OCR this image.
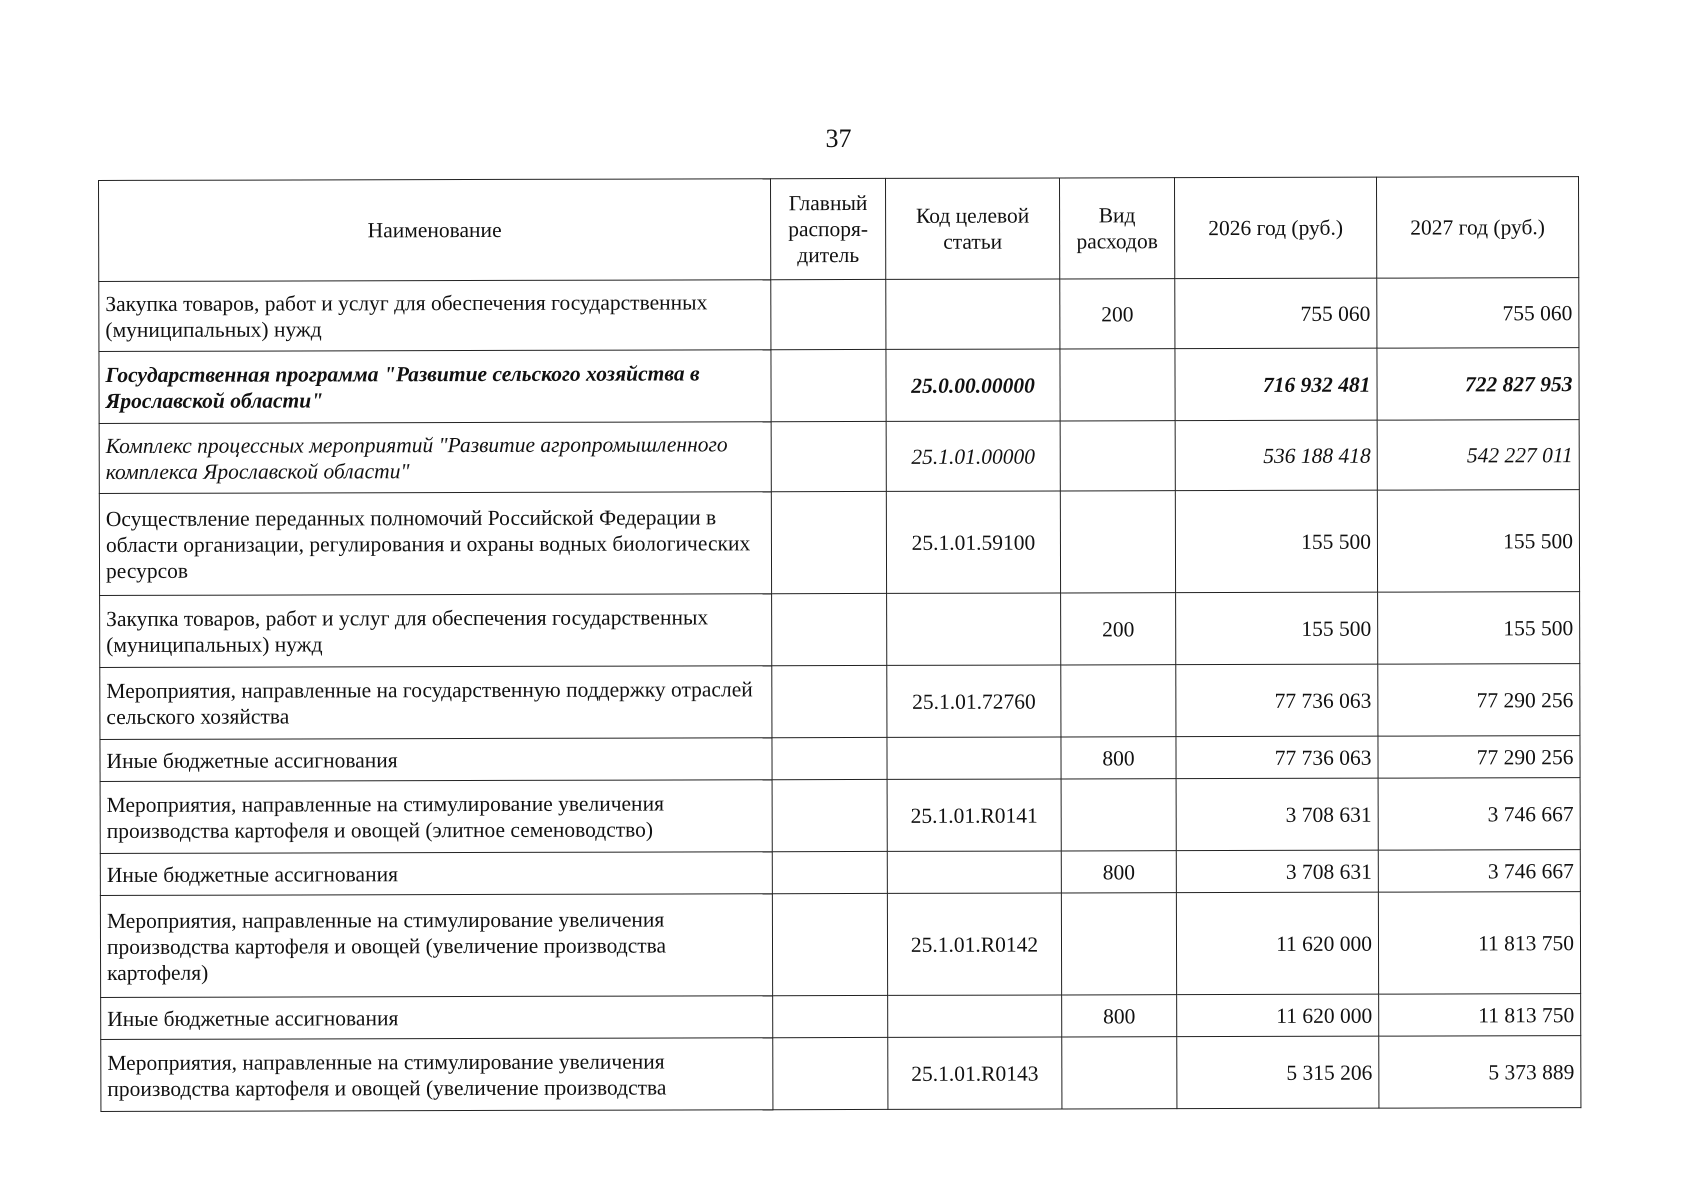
37
Наименование	Главный распоря-дитель	Код целевой статьи	Вид расходов	2026 год (руб.)	2027 год (руб.)
Закупка товаров, работ и услуг для обеспечения государственных (муниципальных) нужд			200	755 060	755 060
Государственная программа "Развитие сельского хозяйства в Ярославской области"		25.0.00.00000		716 932 481	722 827 953
Комплекс процессных мероприятий "Развитие агропромышленного комплекса Ярославской области"		25.1.01.00000		536 188 418	542 227 011
Осуществление переданных полномочий Российской Федерации в области организации, регулирования и охраны водных биологических ресурсов		25.1.01.59100		155 500	155 500
Закупка товаров, работ и услуг для обеспечения государственных (муниципальных) нужд			200	155 500	155 500
Мероприятия, направленные на государственную поддержку отраслей сельского хозяйства		25.1.01.72760		77 736 063	77 290 256
Иные бюджетные ассигнования			800	77 736 063	77 290 256
Мероприятия, направленные на стимулирование увеличения производства картофеля и овощей (элитное семеноводство)		25.1.01.R0141		3 708 631	3 746 667
Иные бюджетные ассигнования			800	3 708 631	3 746 667
Мероприятия, направленные на стимулирование увеличения производства картофеля и овощей (увеличение производства картофеля)		25.1.01.R0142		11 620 000	11 813 750
Иные бюджетные ассигнования			800	11 620 000	11 813 750
Мероприятия, направленные на стимулирование увеличения производства картофеля и овощей (увеличение производства		25.1.01.R0143		5 315 206	5 373 889
